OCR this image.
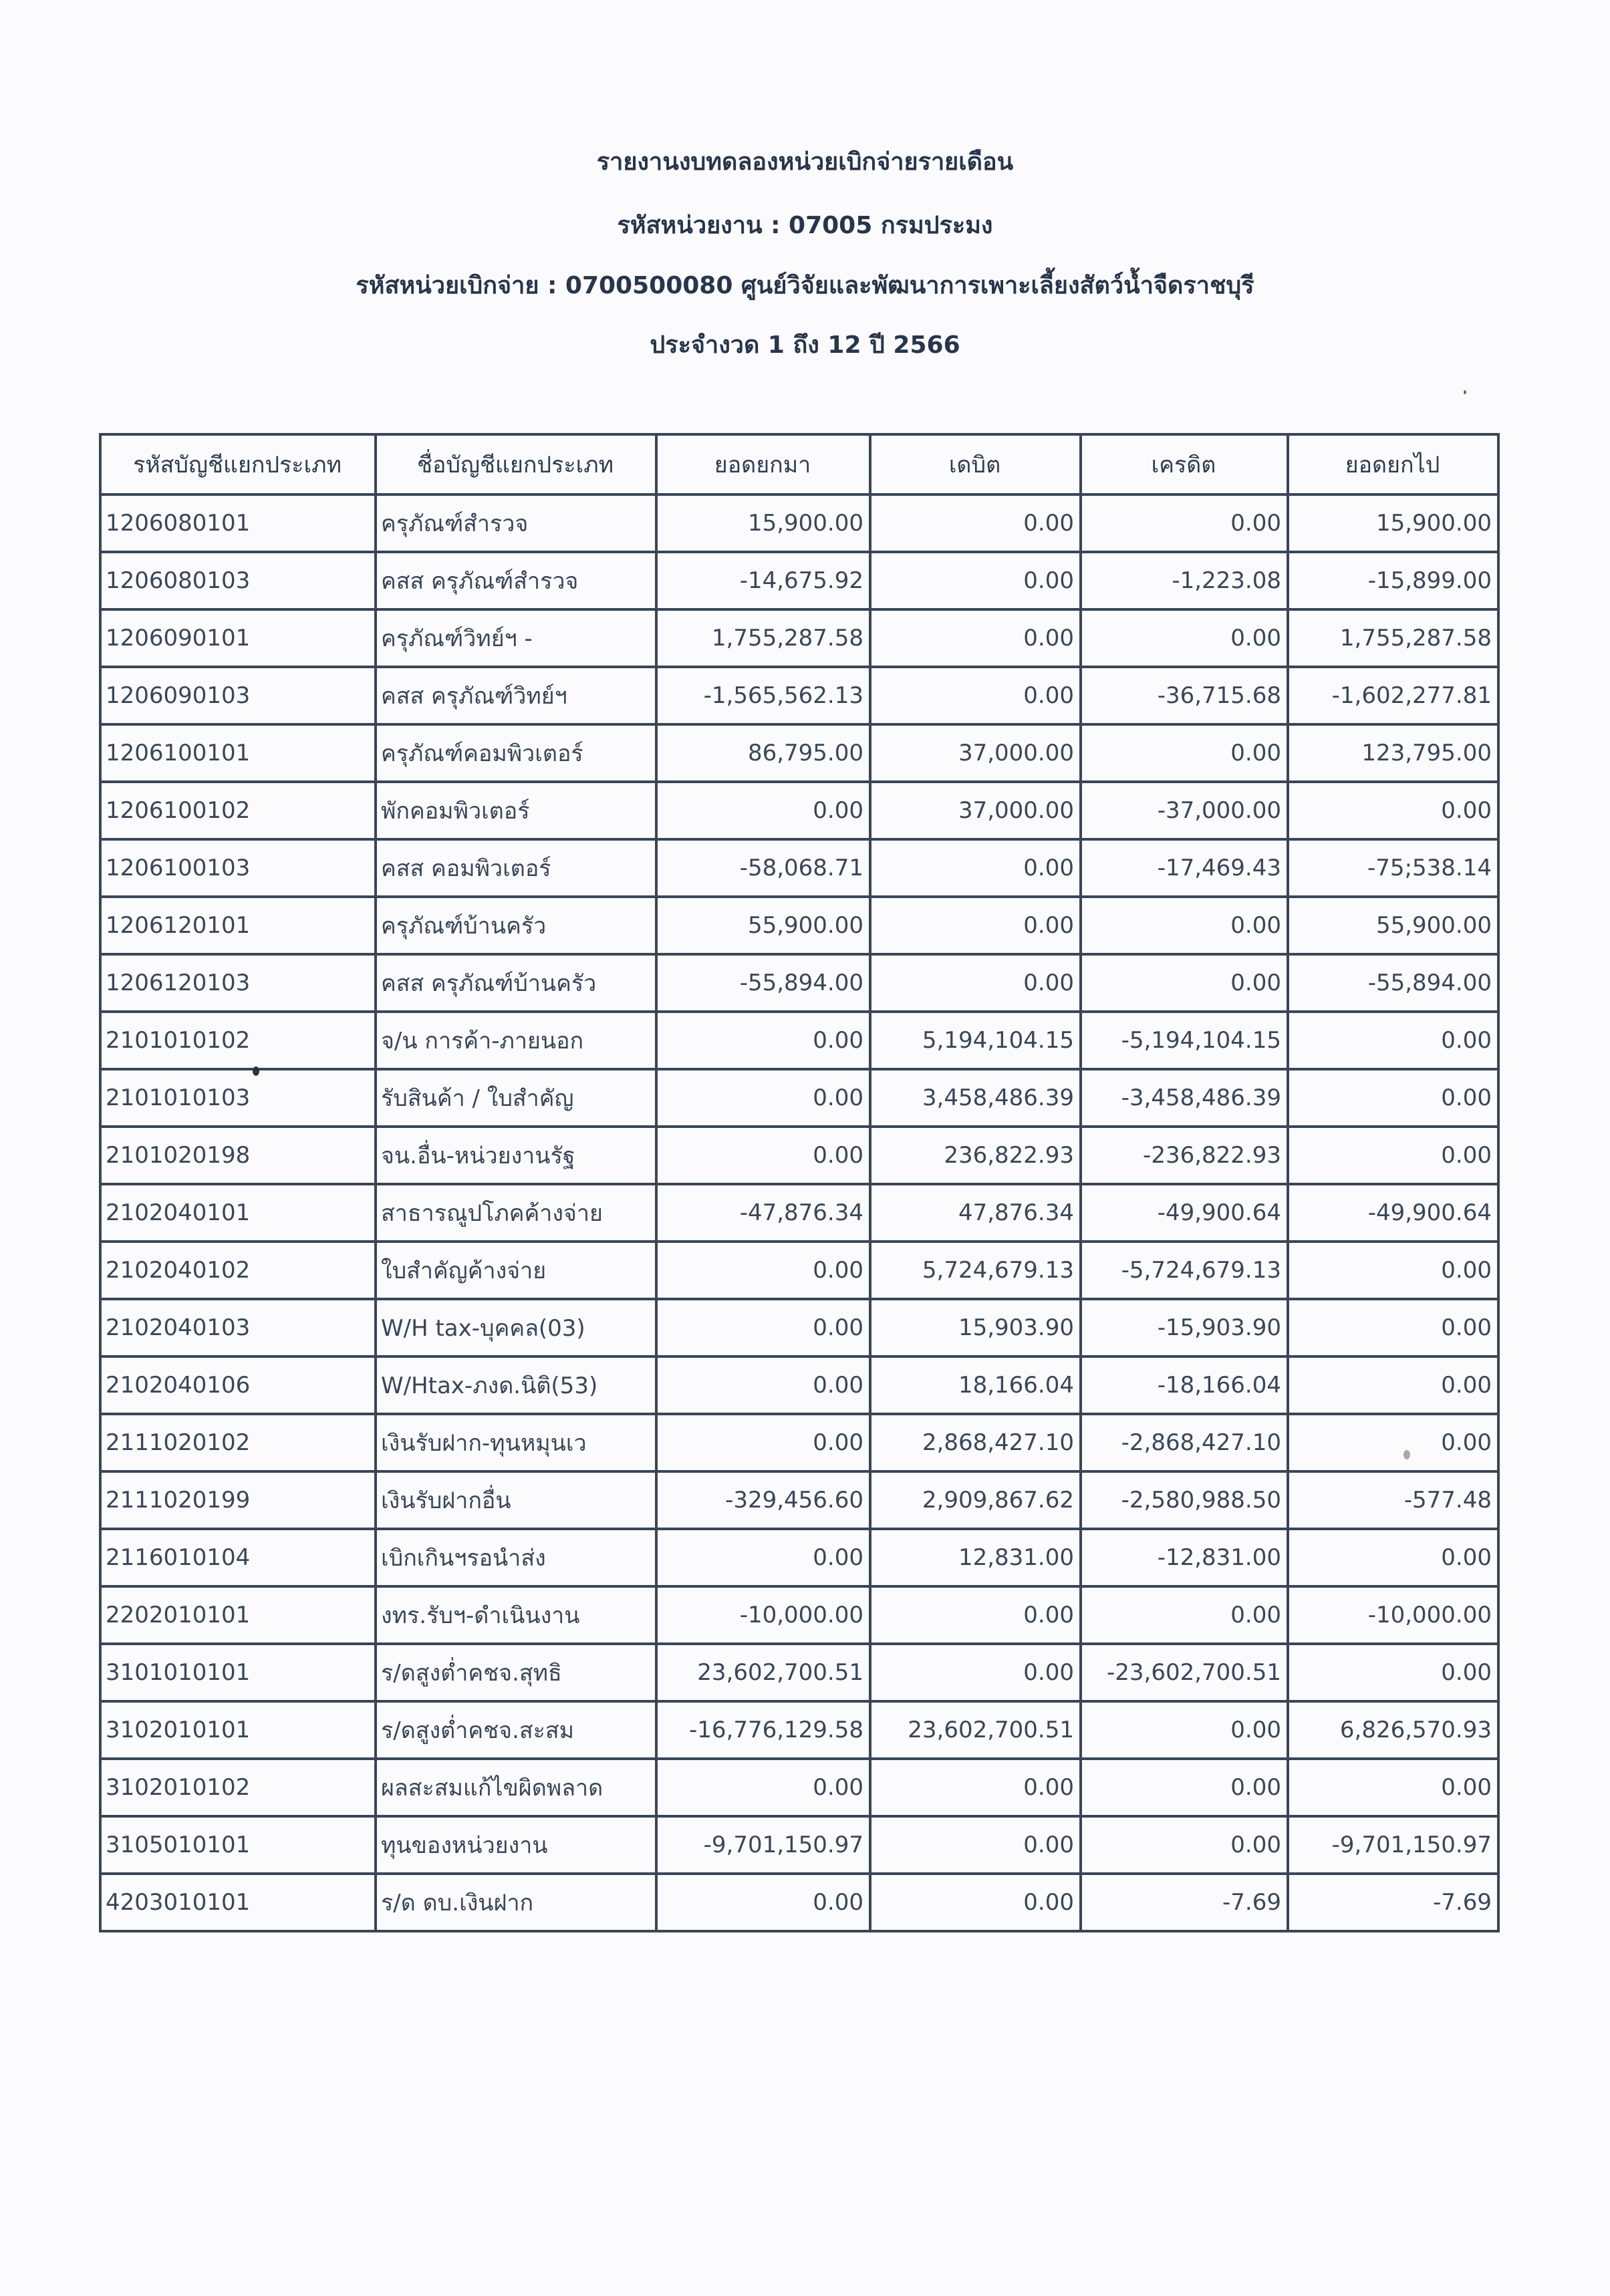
รายงานงบทดลองหน่วยเบิกจ่ายรายเดือน
รหัสหน่วยงาน : 07005 กรมประมง
รหัสหน่วยเบิกจ่าย : 0700500080 ศูนย์วิจัยและพัฒนาการเพาะเลี้ยงสัตว์น้ำจืดราชบุรี
ประจำงวด 1 ถึง 12 ปี 2566
รหัสบัญชีแยกประเภท	ชื่อบัญชีแยกประเภท	ยอดยกมา	เดบิต	เครดิต	ยอดยกไป
1206080101	ครุภัณฑ์สำรวจ	15,900.00	0.00	0.00	15,900.00
1206080103	คสส ครุภัณฑ์สำรวจ	-14,675.92	0.00	-1,223.08	-15,899.00
1206090101	ครุภัณฑ์วิทย์ฯ -	1,755,287.58	0.00	0.00	1,755,287.58
1206090103	คสส ครุภัณฑ์วิทย์ฯ	-1,565,562.13	0.00	-36,715.68	-1,602,277.81
1206100101	ครุภัณฑ์คอมพิวเตอร์	86,795.00	37,000.00	0.00	123,795.00
1206100102	พักคอมพิวเตอร์	0.00	37,000.00	-37,000.00	0.00
1206100103	คสส คอมพิวเตอร์	-58,068.71	0.00	-17,469.43	-75;538.14
1206120101	ครุภัณฑ์บ้านครัว	55,900.00	0.00	0.00	55,900.00
1206120103	คสส ครุภัณฑ์บ้านครัว	-55,894.00	0.00	0.00	-55,894.00
2101010102	จ/น การค้า-ภายนอก	0.00	5,194,104.15	-5,194,104.15	0.00
2101010103	รับสินค้า / ใบสำคัญ	0.00	3,458,486.39	-3,458,486.39	0.00
2101020198	จน.อื่น-หน่วยงานรัฐ	0.00	236,822.93	-236,822.93	0.00
2102040101	สาธารณูปโภคค้างจ่าย	-47,876.34	47,876.34	-49,900.64	-49,900.64
2102040102	ใบสำคัญค้างจ่าย	0.00	5,724,679.13	-5,724,679.13	0.00
2102040103	W/H tax-บุคคล(03)	0.00	15,903.90	-15,903.90	0.00
2102040106	W/Htax-ภงด.นิติ(53)	0.00	18,166.04	-18,166.04	0.00
2111020102	เงินรับฝาก-ทุนหมุนเว	0.00	2,868,427.10	-2,868,427.10	0.00
2111020199	เงินรับฝากอื่น	-329,456.60	2,909,867.62	-2,580,988.50	-577.48
2116010104	เบิกเกินฯรอนำส่ง	0.00	12,831.00	-12,831.00	0.00
2202010101	งทร.รับฯ-ดำเนินงาน	-10,000.00	0.00	0.00	-10,000.00
3101010101	ร/ดสูงต่ำคชจ.สุทธิ	23,602,700.51	0.00	-23,602,700.51	0.00
3102010101	ร/ดสูงต่ำคชจ.สะสม	-16,776,129.58	23,602,700.51	0.00	6,826,570.93
3102010102	ผลสะสมแก้ไขผิดพลาด	0.00	0.00	0.00	0.00
3105010101	ทุนของหน่วยงาน	-9,701,150.97	0.00	0.00	-9,701,150.97
4203010101	ร/ด ดบ.เงินฝาก	0.00	0.00	-7.69	-7.69
